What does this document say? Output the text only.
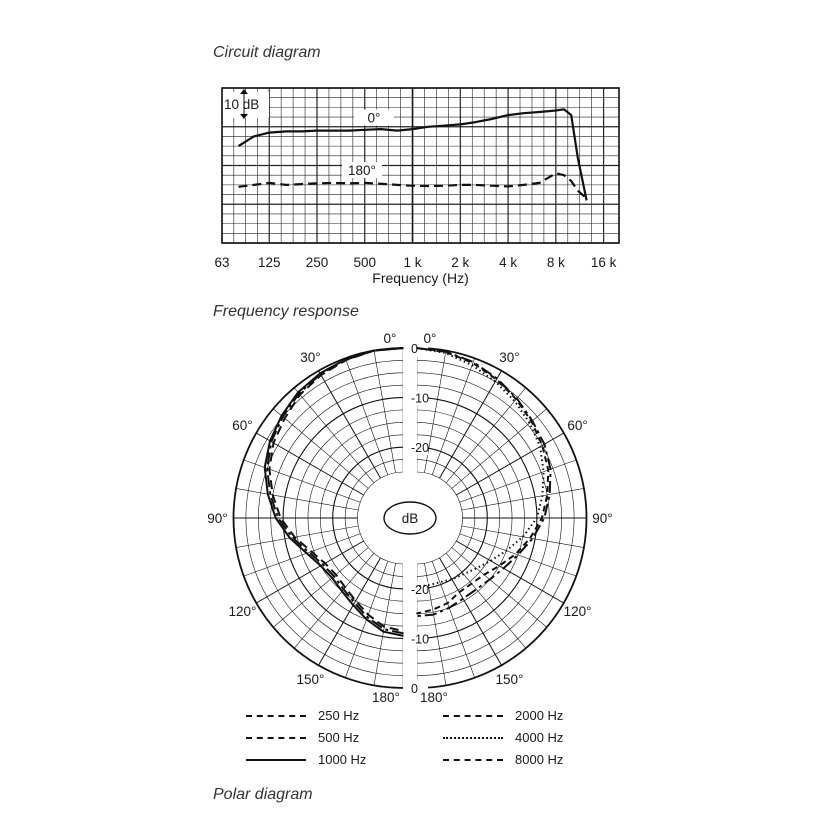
Circuit diagram
Frequency response
Polar diagram
63 125 250 500 1 k 2 k 4 k 8 k 16 k
Frequency (Hz)
10 dB
0°
180°
dB
0
0
-10
-10
-20
-20
0° 0°
30°	30°
60°	60°
90°	90°
120°	120°
150°	150°
180° 180°
250 Hz
500 Hz
1000 Hz
2000 Hz
4000 Hz
8000 Hz
